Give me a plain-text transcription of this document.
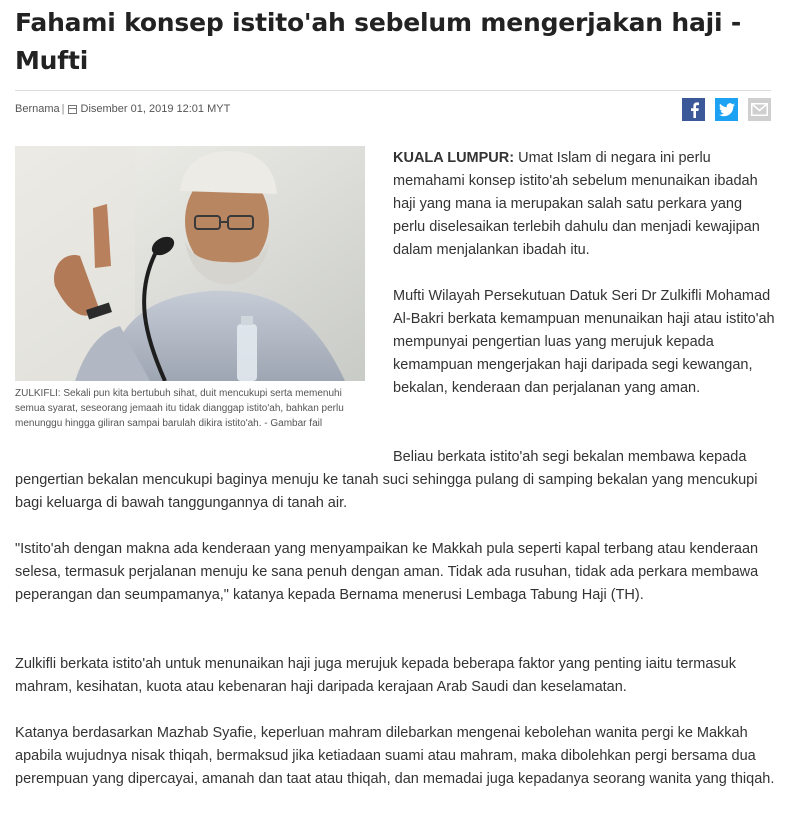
Fahami konsep istito'ah sebelum mengerjakan haji - Mufti
Bernama | Disember 01, 2019 12:01 MYT
ZULKIFLI: Sekali pun kita bertubuh sihat, duit mencukupi serta memenuhi semua syarat, seseorang jemaah itu tidak dianggap istito'ah, bahkan perlu menunggu hingga giliran sampai barulah dikira istito'ah. - Gambar fail

KUALA LUMPUR: Umat Islam di negara ini perlu memahami konsep istito'ah sebelum menunaikan ibadah haji yang mana ia merupakan salah satu perkara yang perlu diselesaikan terlebih dahulu dan menjadi kewajipan dalam menjalankan ibadah itu.

Mufti Wilayah Persekutuan Datuk Seri Dr Zulkifli Mohamad Al-Bakri berkata kemampuan menunaikan haji atau istito'ah mempunyai pengertian luas yang merujuk kepada kemampuan mengerjakan haji daripada segi kewangan, bekalan, kenderaan dan perjalanan yang aman.

Beliau berkata istito'ah segi bekalan membawa kepada pengertian bekalan mencukupi baginya menuju ke tanah suci sehingga pulang di samping bekalan yang mencukupi bagi keluarga di bawah tanggungannya di tanah air.

"Istito'ah dengan makna ada kenderaan yang menyampaikan ke Makkah pula seperti kapal terbang atau kenderaan selesa, termasuk perjalanan menuju ke sana penuh dengan aman. Tidak ada rusuhan, tidak ada perkara membawa peperangan dan seumpamanya," katanya kepada Bernama menerusi Lembaga Tabung Haji (TH).

Zulkifli berkata istito'ah untuk menunaikan haji juga merujuk kepada beberapa faktor yang penting iaitu termasuk mahram, kesihatan, kuota atau kebenaran haji daripada kerajaan Arab Saudi dan keselamatan.

Katanya berdasarkan Mazhab Syafie, keperluan mahram dilebarkan mengenai kebolehan wanita pergi ke Makkah apabila wujudnya nisak thiqah, bermaksud jika ketiadaan suami atau mahram, maka dibolehkan pergi bersama dua perempuan yang dipercayai, amanah dan taat atau thiqah, dan memadai juga kepadanya seorang wanita yang thiqah.
